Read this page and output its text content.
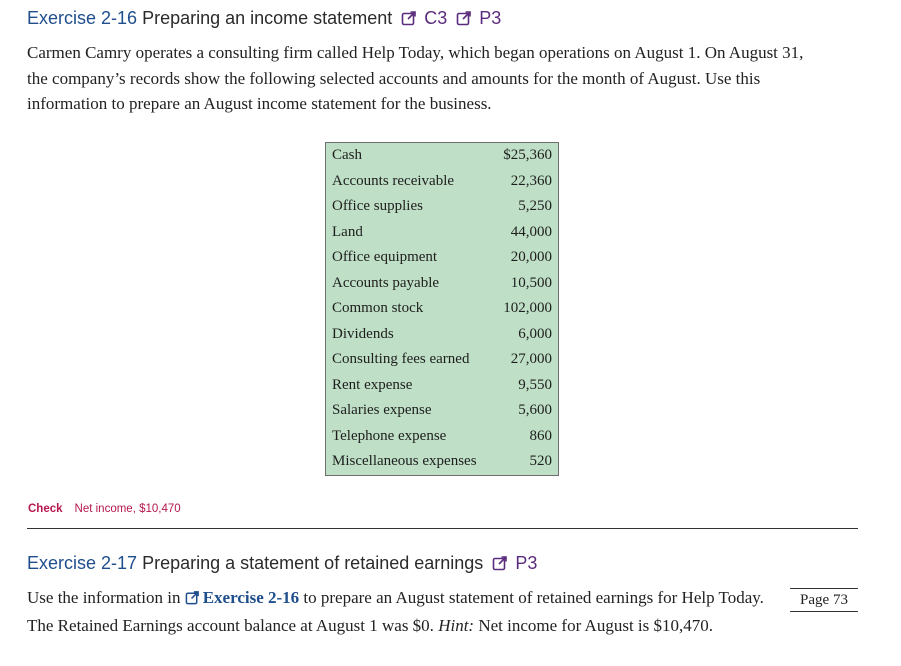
Exercise 2-16 Preparing an income statement C3 P3
Carmen Camry operates a consulting firm called Help Today, which began operations on August 1. On August 31, the company’s records show the following selected accounts and amounts for the month of August. Use this information to prepare an August income statement for the business.
Cash	$25,360
Accounts receivable	22,360
Office supplies	5,250
Land	44,000
Office equipment	20,000
Accounts payable	10,500
Common stock	102,000
Dividends	6,000
Consulting fees earned	27,000
Rent expense	9,550
Salaries expense	5,600
Telephone expense	860
Miscellaneous expenses	520
Check Net income, $10,470
Exercise 2-17 Preparing a statement of retained earnings P3
Use the information in Exercise 2-16 to prepare an August statement of retained earnings for Help Today. The Retained Earnings account balance at August 1 was $0. Hint: Net income for August is $10,470.
Page 73
